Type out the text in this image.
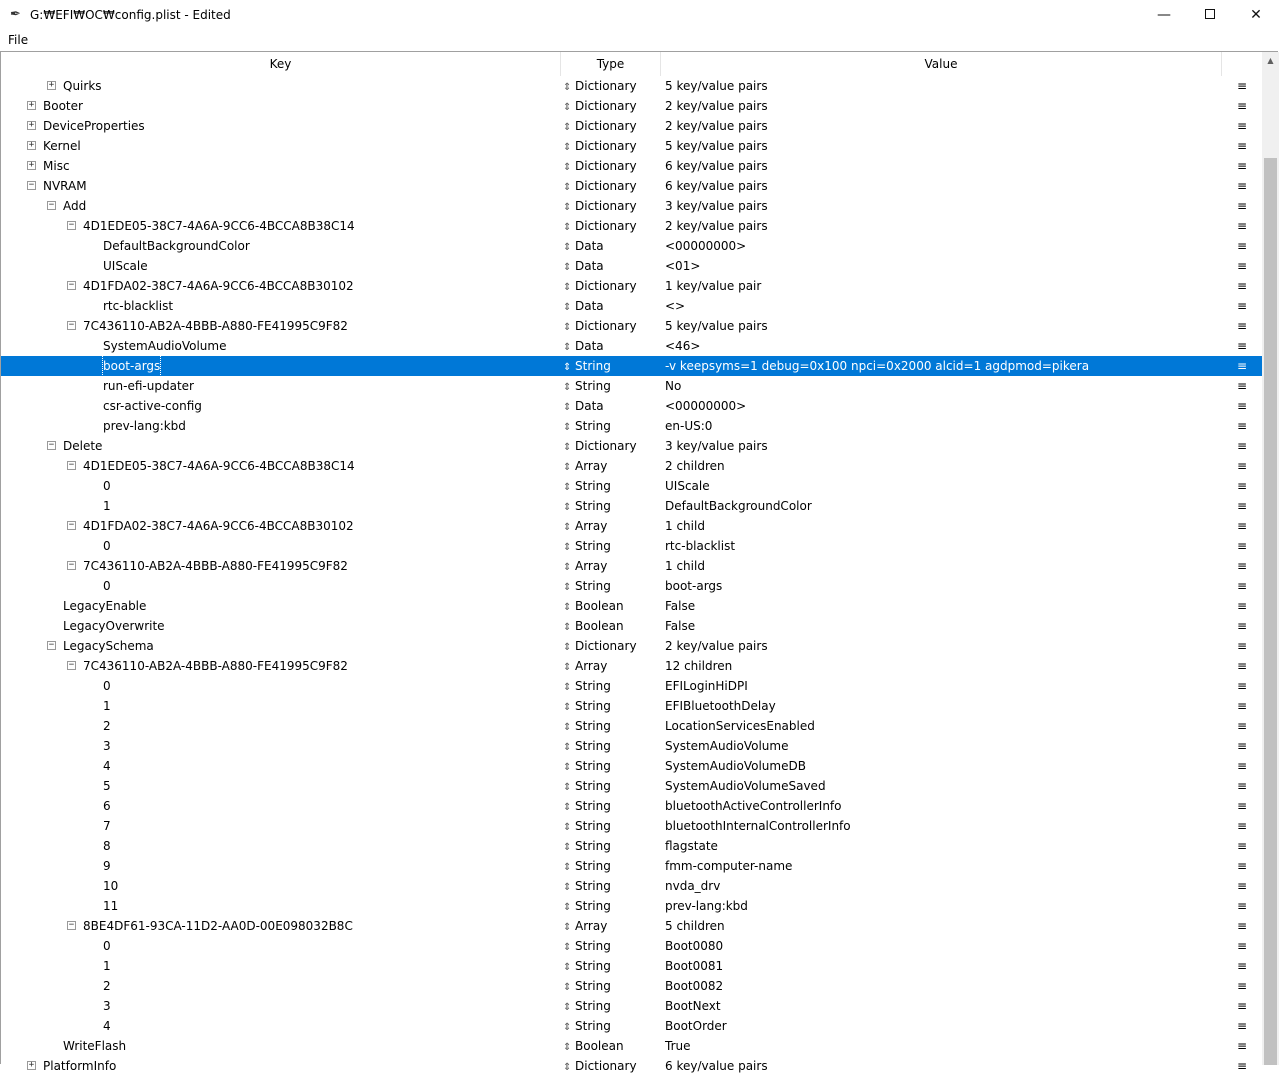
✒ G:₩EFI₩OC₩config.plist - Edited	—	✕
File
Key	Type	Value
+ Quirks	⇕ Dictionary	5 key/value pairs	≡
+ Booter	⇕ Dictionary	2 key/value pairs	≡
+ DeviceProperties	⇕ Dictionary	2 key/value pairs	≡
+ Kernel	⇕ Dictionary	5 key/value pairs	≡
+ Misc	⇕ Dictionary	6 key/value pairs	≡
− NVRAM	⇕ Dictionary	6 key/value pairs	≡
− Add	⇕ Dictionary	3 key/value pairs	≡
− 4D1EDE05-38C7-4A6A-9CC6-4BCCA8B38C14	⇕ Dictionary	2 key/value pairs	≡
DefaultBackgroundColor	⇕ Data	<00000000>	≡
UIScale	⇕ Data	<01>	≡
− 4D1FDA02-38C7-4A6A-9CC6-4BCCA8B30102	⇕ Dictionary	1 key/value pair	≡
rtc-blacklist	⇕ Data	<>	≡
− 7C436110-AB2A-4BBB-A880-FE41995C9F82	⇕ Dictionary	5 key/value pairs	≡
SystemAudioVolume	⇕ Data	<46>	≡
boot-args	⇕ String	-v keepsyms=1 debug=0x100 npci=0x2000 alcid=1 agdpmod=pikera	≡
run-efi-updater	⇕ String	No	≡
csr-active-config	⇕ Data	<00000000>	≡
prev-lang:kbd	⇕ String	en-US:0	≡
− Delete	⇕ Dictionary	3 key/value pairs	≡
− 4D1EDE05-38C7-4A6A-9CC6-4BCCA8B38C14	⇕ Array	2 children	≡
0	⇕ String	UIScale	≡
1	⇕ String	DefaultBackgroundColor	≡
− 4D1FDA02-38C7-4A6A-9CC6-4BCCA8B30102	⇕ Array	1 child	≡
0	⇕ String	rtc-blacklist	≡
− 7C436110-AB2A-4BBB-A880-FE41995C9F82	⇕ Array	1 child	≡
0	⇕ String	boot-args	≡
LegacyEnable	⇕ Boolean	False	≡
LegacyOverwrite	⇕ Boolean	False	≡
− LegacySchema	⇕ Dictionary	2 key/value pairs	≡
− 7C436110-AB2A-4BBB-A880-FE41995C9F82	⇕ Array	12 children	≡
0	⇕ String	EFILoginHiDPI	≡
1	⇕ String	EFIBluetoothDelay	≡
2	⇕ String	LocationServicesEnabled	≡
3	⇕ String	SystemAudioVolume	≡
4	⇕ String	SystemAudioVolumeDB	≡
5	⇕ String	SystemAudioVolumeSaved	≡
6	⇕ String	bluetoothActiveControllerInfo	≡
7	⇕ String	bluetoothInternalControllerInfo	≡
8	⇕ String	flagstate	≡
9	⇕ String	fmm-computer-name	≡
10	⇕ String	nvda_drv	≡
11	⇕ String	prev-lang:kbd	≡
− 8BE4DF61-93CA-11D2-AA0D-00E098032B8C	⇕ Array	5 children	≡
0	⇕ String	Boot0080	≡
1	⇕ String	Boot0081	≡
2	⇕ String	Boot0082	≡
3	⇕ String	BootNext	≡
4	⇕ String	BootOrder	≡
WriteFlash	⇕ Boolean	True	≡
+ PlatformInfo	⇕ Dictionary	6 key/value pairs	≡
▲
